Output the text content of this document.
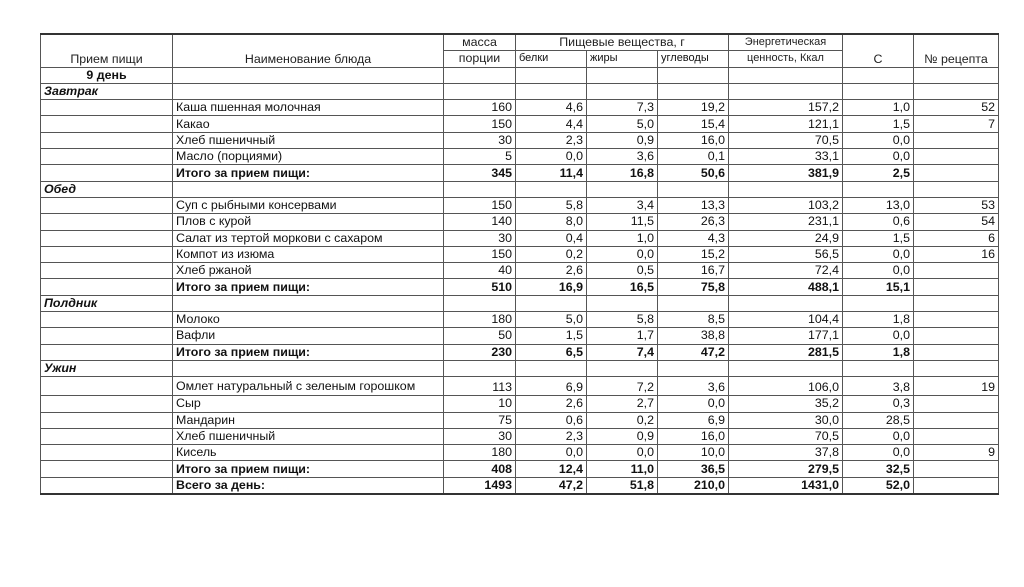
Прием пищи	Наименование блюда	масса	Пищевые вещества, г			Энергетическая	С	№ рецепта
		порции	белки	жиры	углеводы	ценность, Ккал		
9 день								
Завтрак								
	Каша пшенная молочная	160	4,6	7,3	19,2	157,2	1,0	52
	Какао	150	4,4	5,0	15,4	121,1	1,5	7
	Хлеб пшеничный	30	2,3	0,9	16,0	70,5	0,0	
	Масло (порциями)	5	0,0	3,6	0,1	33,1	0,0	
	Итого за прием пищи:	345	11,4	16,8	50,6	381,9	2,5	
Обед								
	Суп с рыбными консервами	150	5,8	3,4	13,3	103,2	13,0	53
	Плов с курой	140	8,0	11,5	26,3	231,1	0,6	54
	Салат из тертой моркови с сахаром	30	0,4	1,0	4,3	24,9	1,5	6
	Компот из изюма	150	0,2	0,0	15,2	56,5	0,0	16
	Хлеб ржаной	40	2,6	0,5	16,7	72,4	0,0	
	Итого за прием пищи:	510	16,9	16,5	75,8	488,1	15,1	
Полдник								
	Молоко	180	5,0	5,8	8,5	104,4	1,8	
	Вафли	50	1,5	1,7	38,8	177,1	0,0	
	Итого за прием пищи:	230	6,5	7,4	47,2	281,5	1,8	
Ужин								
	Омлет натуральный с зеленым горошком	113	6,9	7,2	3,6	106,0	3,8	19
	Сыр	10	2,6	2,7	0,0	35,2	0,3	
	Мандарин	75	0,6	0,2	6,9	30,0	28,5	
	Хлеб пшеничный	30	2,3	0,9	16,0	70,5	0,0	
	Кисель	180	0,0	0,0	10,0	37,8	0,0	9
	Итого за прием пищи:	408	12,4	11,0	36,5	279,5	32,5	
	Всего за день:	1493	47,2	51,8	210,0	1431,0	52,0	
